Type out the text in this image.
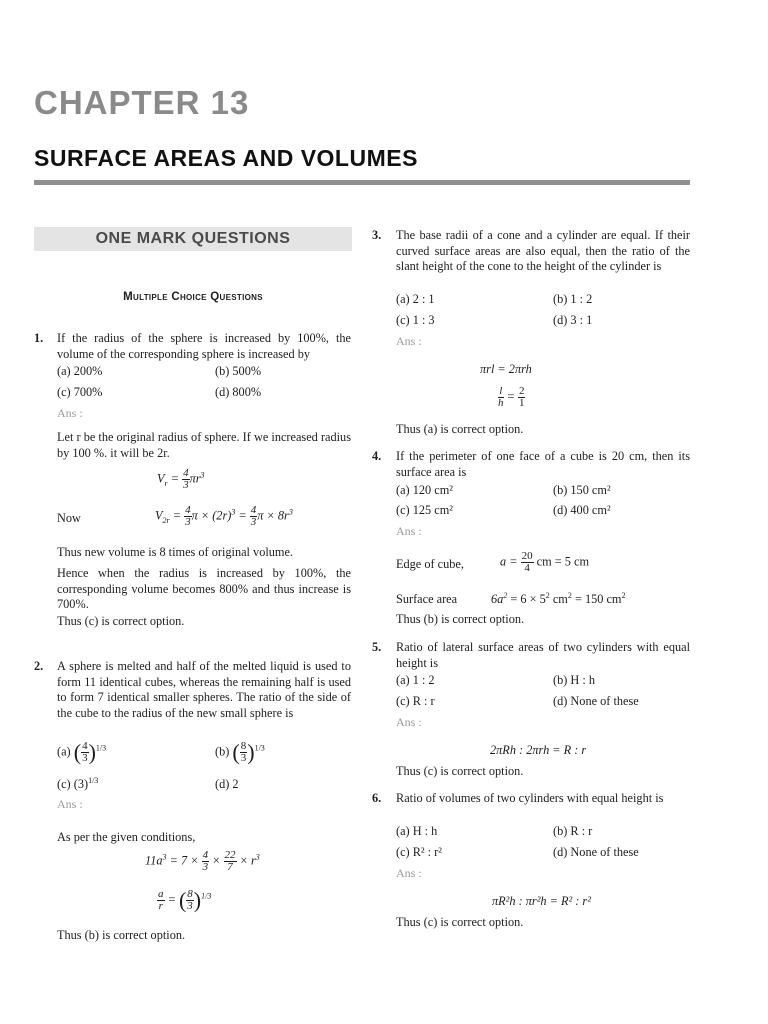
CHAPTER 13
SURFACE AREAS AND VOLUMES
ONE MARK QUESTIONS
Multiple Choice Questions
1. If the radius of the sphere is increased by 100%, the volume of the corresponding sphere is increased by
(a) 200%	(b) 500%
(c) 700%	(d) 800%
Ans :
Let r be the original radius of sphere. If we increased radius by 100 %. it will be 2r.
$V_r = \frac{4}{3} \pi r^3$
Now	$V_{2r} = \frac{4}{3}$ $\pi \times (2r)^3 = \frac{4}{3}$ $\pi \times 8r^3$
Thus new volume is 8 times of original volume.
Hence when the radius is increased by 100%, the corresponding volume becomes 800% and thus increase is 700%.
Thus (c) is correct option.
2. A sphere is melted and half of the melted liquid is used to form 11 identical cubes, whereas the remaining half is used to form 7 identical smaller spheres. The ratio of the side of the cube to the radius of the new small sphere is
(a) ( $\frac{4}{3} )^{1/3}$	(b) ( $\frac{8}{3} )^{1/3}$
(c) $(3)^{1/3}$	(d) 2
Ans :
As per the given conditions,
$11a^3 = 7 \times \frac{4}{3} \times \frac{22}{7} \times r^3$
$\frac{a}{r}$ = ( $\frac{8}{3} )^{1/3}$
Thus (b) is correct option.
3. The base radii of a cone and a cylinder are equal. If their curved surface areas are also equal, then the ratio of the slant height of the cone to the height of the cylinder is
(a) 2 : 1	(b) 1 : 2
(c) 1 : 3	(d) 3 : 1
Ans :
πrl = 2πrh
$\frac{l}{h} = \frac{2}{1}$
Thus (a) is correct option.
4. If the perimeter of one face of a cube is 20 cm, then its surface area is
(a) 120 cm²	(b) 150 cm²
(c) 125 cm²	(d) 400 cm²
Ans :
Edge of cube,	$a = \frac{20}{4}$ cm = 5 cm
Surface area	$6a^2 = 6 \times 5^2$ $cm^2 = 150$ $cm^2$
Thus (b) is correct option.
5. Ratio of lateral surface areas of two cylinders with equal height is
(a) 1 : 2	(b) H : h
(c) R : r	(d) None of these
Ans :
2πRh : 2πrh = R : r
Thus (c) is correct option.
6. Ratio of volumes of two cylinders with equal height is
(a) H : h	(b) R : r
(c) R² : r²	(d) None of these
Ans :
πR²h : πr²h = R² : r²
Thus (c) is correct option.
